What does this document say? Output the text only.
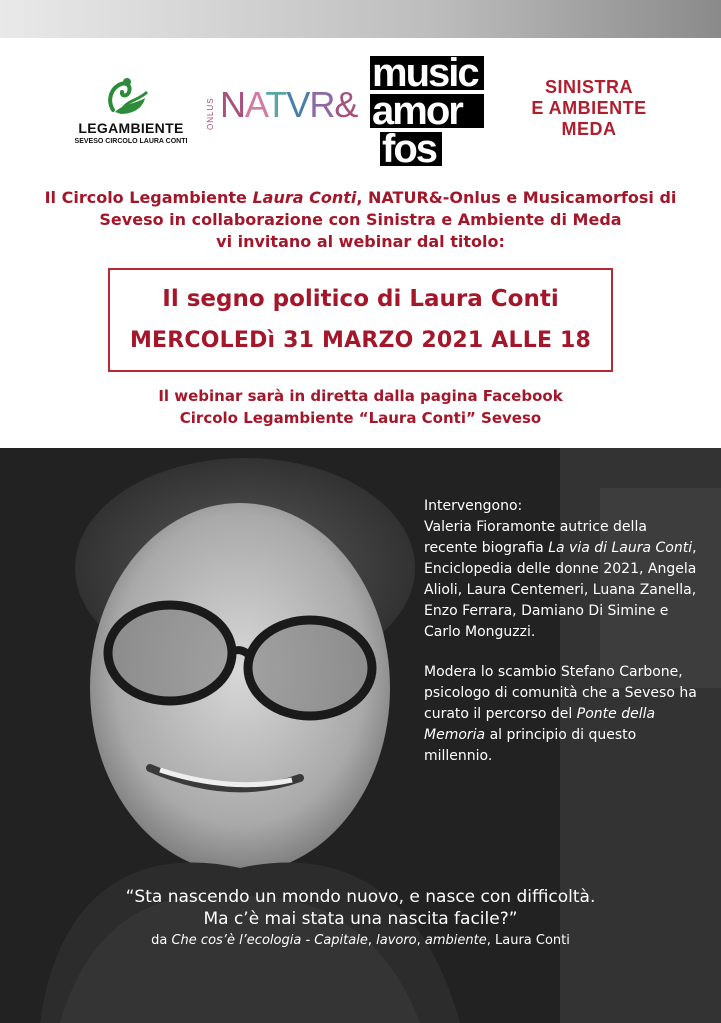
LEGAMBIENTE
SEVESO CIRCOLO LAURA CONTI
ONLUS NATVR&
music
amor
fos
SINISTRA
E AMBIENTE
MEDA
Il Circolo Legambiente Laura Conti, NATUR&-Onlus e Musicamorfosi di
Seveso in collaborazione con Sinistra e Ambiente di Meda
vi invitano al webinar dal titolo:
Il segno politico di Laura Conti
MERCOLEDì 31 MARZO 2021 ALLE 18
Il webinar sarà in diretta dalla pagina Facebook
Circolo Legambiente “Laura Conti” Seveso

Intervengono:

Valeria Fioramonte autrice della recente biografia La via di Laura Conti, Enciclopedia delle donne 2021, Angela Alioli, Laura Centemeri, Luana Zanella, Enzo Ferrara, Damiano Di Simine e Carlo Monguzzi.

Modera lo scambio Stefano Carbone, psicologo di comunità che a Seveso ha curato il percorso del Ponte della Memoria al principio di questo millennio.

“Sta nascendo un mondo nuovo, e nasce con difficoltà.
Ma c’è mai stata una nascita facile?”
da Che cos’è l’ecologia - Capitale, lavoro, ambiente, Laura Conti
